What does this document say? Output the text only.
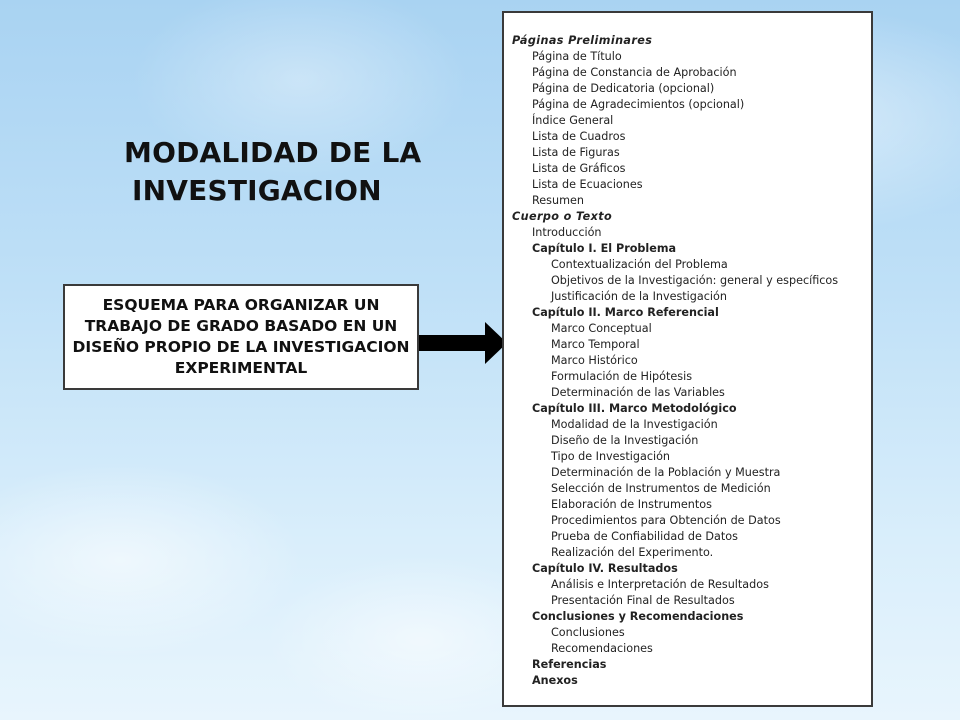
MODALIDAD DE LA
INVESTIGACION
ESQUEMA PARA ORGANIZAR UN
TRABAJO DE GRADO BASADO EN UN
DISEÑO PROPIO DE LA INVESTIGACION
EXPERIMENTAL
Páginas Preliminares
Página de Título
Página de Constancia de Aprobación
Página de Dedicatoria (opcional)
Página de Agradecimientos (opcional)
Índice General
Lista de Cuadros
Lista de Figuras
Lista de Gráficos
Lista de Ecuaciones
Resumen
Cuerpo o Texto
Introducción
Capítulo I. El Problema
Contextualización del Problema
Objetivos de la Investigación: general y específicos
Justificación de la Investigación
Capítulo II. Marco Referencial
Marco Conceptual
Marco Temporal
Marco Histórico
Formulación de Hipótesis
Determinación de las Variables
Capítulo III. Marco Metodológico
Modalidad de la Investigación
Diseño de la Investigación
Tipo de Investigación
Determinación de la Población y Muestra
Selección de Instrumentos de Medición
Elaboración de Instrumentos
Procedimientos para Obtención de Datos
Prueba de Confiabilidad de Datos
Realización del Experimento.
Capítulo IV. Resultados
Análisis e Interpretación de Resultados
Presentación Final de Resultados
Conclusiones y Recomendaciones
Conclusiones
Recomendaciones
Referencias
Anexos
